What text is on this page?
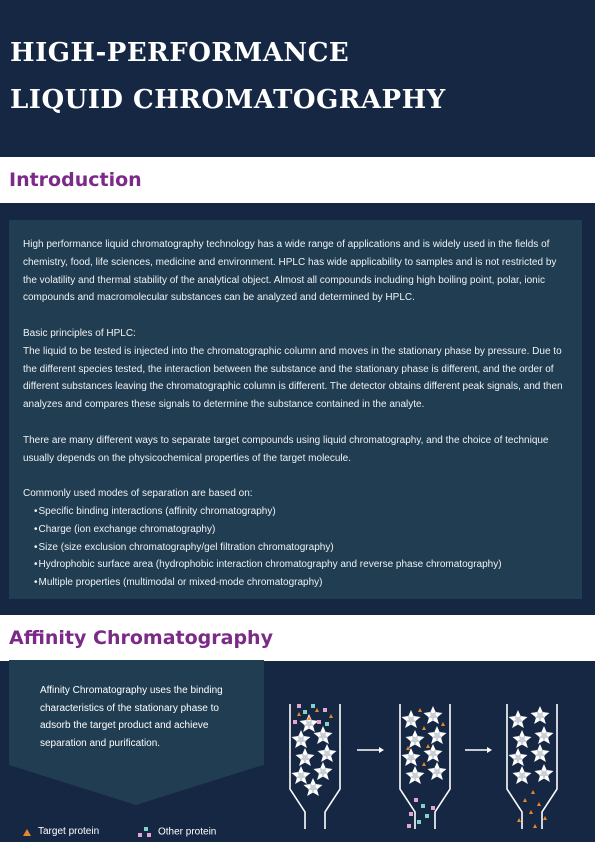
HIGH-PERFORMANCE
LIQUID CHROMATOGRAPHY
Introduction

High performance liquid chromatography technology has a wide range of applications and is widely used in the fields of chemistry, food, life sciences, medicine and environment. HPLC has wide applicability to samples and is not restricted by the volatility and thermal stability of the analytical object. Almost all compounds including high boiling point, polar, ionic compounds and macromolecular substances can be analyzed and determined by HPLC.

Basic principles of HPLC:

The liquid to be tested is injected into the chromatographic column and moves in the stationary phase by pressure. Due to the different species tested, the interaction between the substance and the stationary phase is different, and the order of different substances leaving the chromatographic column is different. The detector obtains different peak signals, and then analyzes and compares these signals to determine the substance contained in the analyte.

There are many different ways to separate target compounds using liquid chromatography, and the choice of technique usually depends on the physicochemical properties of the target molecule.

Commonly used modes of separation are based on:

• Specific binding interactions (affinity chromatography)
• Charge (ion exchange chromatography)
• Size (size exclusion chromatography/gel filtration chromatography)
• Hydrophobic surface area (hydrophobic interaction chromatography and reverse phase chromatography)
• Multiple properties (multimodal or mixed-mode chromatography)
Affinity Chromatography
Affinity Chromatography uses the binding characteristics of the stationary phase to adsorb the target product and achieve separation and purification.
Target protein	Other protein
